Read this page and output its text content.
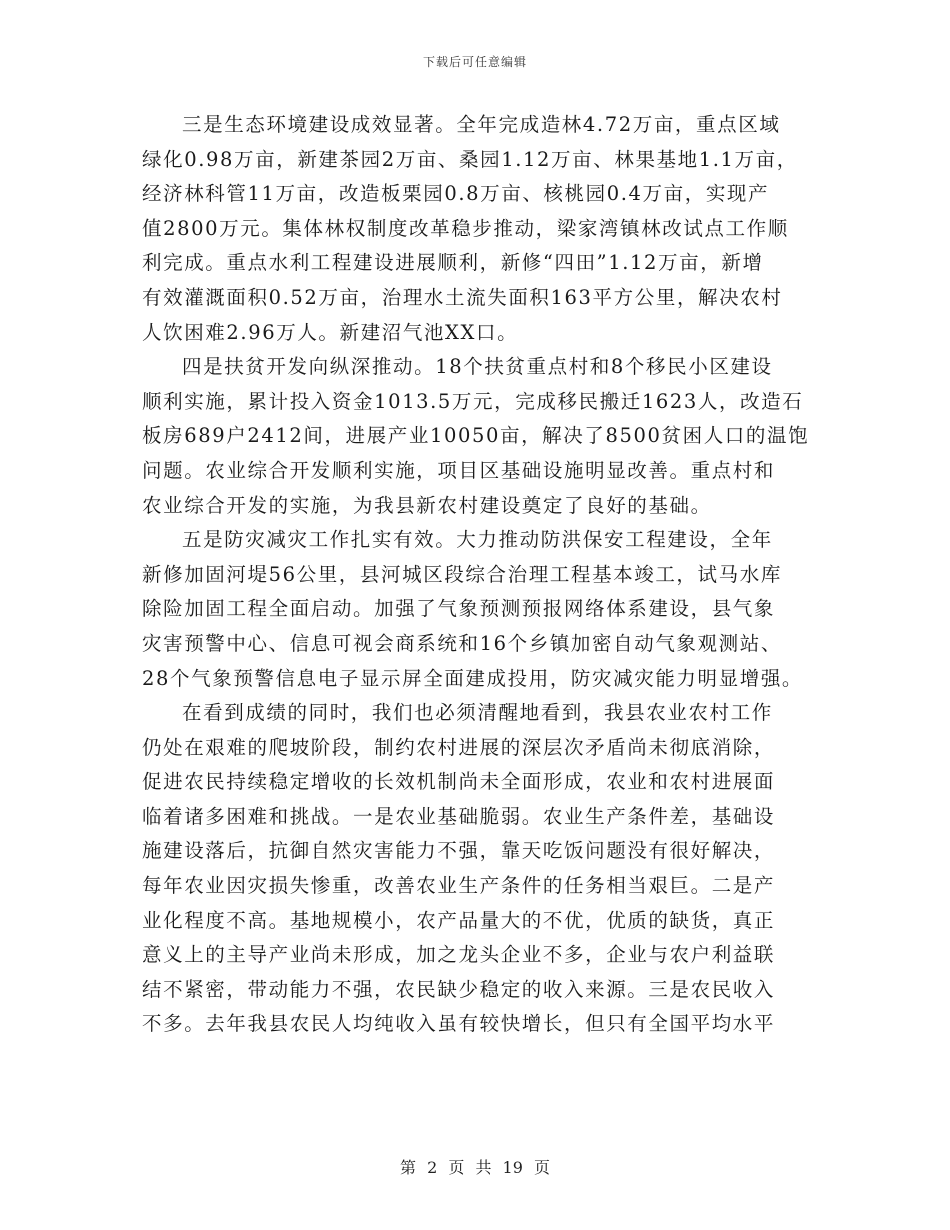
下载后可任意编辑
三是生态环境建设成效显著。全年完成造林4.72万亩，重点区域
绿化0.98万亩，新建茶园2万亩、桑园1.12万亩、林果基地1.1万亩，
经济林科管11万亩，改造板栗园0.8万亩、核桃园0.4万亩，实现产
值2800万元。集体林权制度改革稳步推动，梁家湾镇林改试点工作顺
利完成。重点水利工程建设进展顺利，新修“四田”1.12万亩，新增
有效灌溉面积0.52万亩，治理水土流失面积163平方公里，解决农村
人饮困难2.96万人。新建沼气池XX口。
四是扶贫开发向纵深推动。18个扶贫重点村和8个移民小区建设
顺利实施，累计投入资金1013.5万元，完成移民搬迁1623人，改造石
板房689户2412间，进展产业10050亩，解决了8500贫困人口的温饱
问题。农业综合开发顺利实施，项目区基础设施明显改善。重点村和
农业综合开发的实施，为我县新农村建设奠定了良好的基础。
五是防灾减灾工作扎实有效。大力推动防洪保安工程建设，全年
新修加固河堤56公里，县河城区段综合治理工程基本竣工，试马水库
除险加固工程全面启动。加强了气象预测预报网络体系建设，县气象
灾害预警中心、信息可视会商系统和16个乡镇加密自动气象观测站、
28个气象预警信息电子显示屏全面建成投用，防灾减灾能力明显增强。
在看到成绩的同时，我们也必须清醒地看到，我县农业农村工作
仍处在艰难的爬坡阶段，制约农村进展的深层次矛盾尚未彻底消除，
促进农民持续稳定增收的长效机制尚未全面形成，农业和农村进展面
临着诸多困难和挑战。一是农业基础脆弱。农业生产条件差，基础设
施建设落后，抗御自然灾害能力不强，靠天吃饭问题没有很好解决，
每年农业因灾损失惨重，改善农业生产条件的任务相当艰巨。二是产
业化程度不高。基地规模小，农产品量大的不优，优质的缺货，真正
意义上的主导产业尚未形成，加之龙头企业不多，企业与农户利益联
结不紧密，带动能力不强，农民缺少稳定的收入来源。三是农民收入
不多。去年我县农民人均纯收入虽有较快增长，但只有全国平均水平
第 2 页 共 19 页
